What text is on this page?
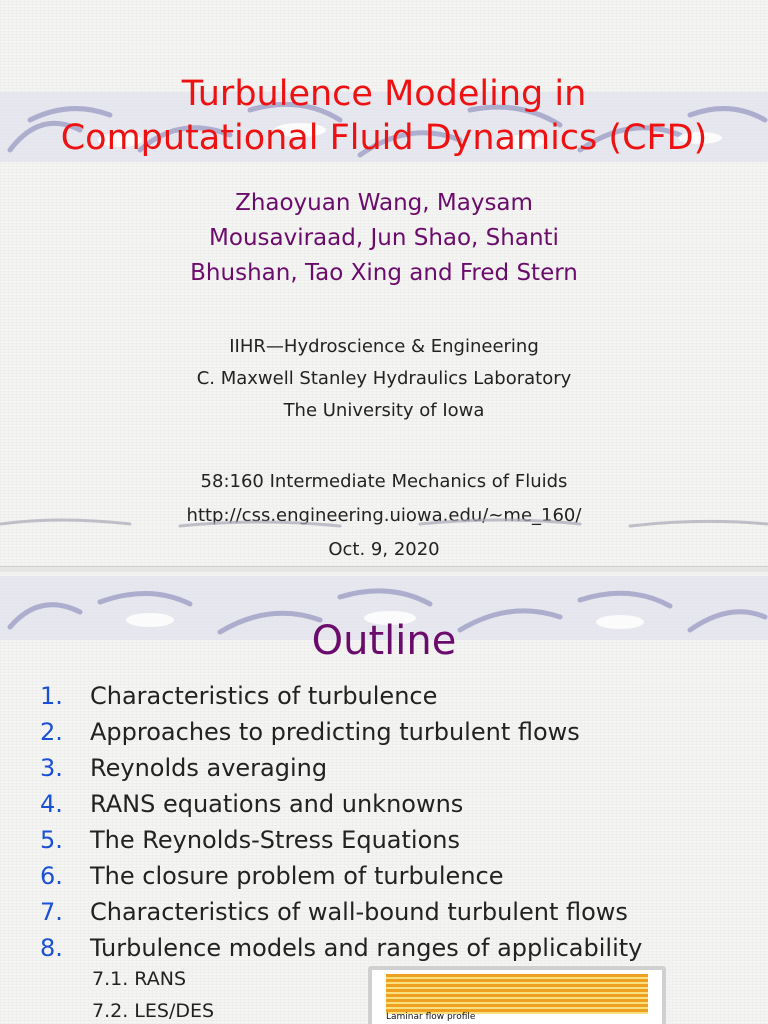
Turbulence Modeling in
Computational Fluid Dynamics (CFD)
Zhaoyuan Wang, Maysam
Mousaviraad, Jun Shao, Shanti
Bhushan, Tao Xing and Fred Stern
IIHR—Hydroscience & Engineering
C. Maxwell Stanley Hydraulics Laboratory
The University of Iowa
58:160 Intermediate Mechanics of Fluids
http://css.engineering.uiowa.edu/~me_160/
Oct. 9, 2020
Outline
1.	Characteristics of turbulence
2.	Approaches to predicting turbulent flows
3.	Reynolds averaging
4.	RANS equations and unknowns
5.	The Reynolds-Stress Equations
6.	The closure problem of turbulence
7.	Characteristics of wall-bound turbulent flows
8.	Turbulence models and ranges of applicability
7.1. RANS
7.2. LES/DES	Laminar flow profile
